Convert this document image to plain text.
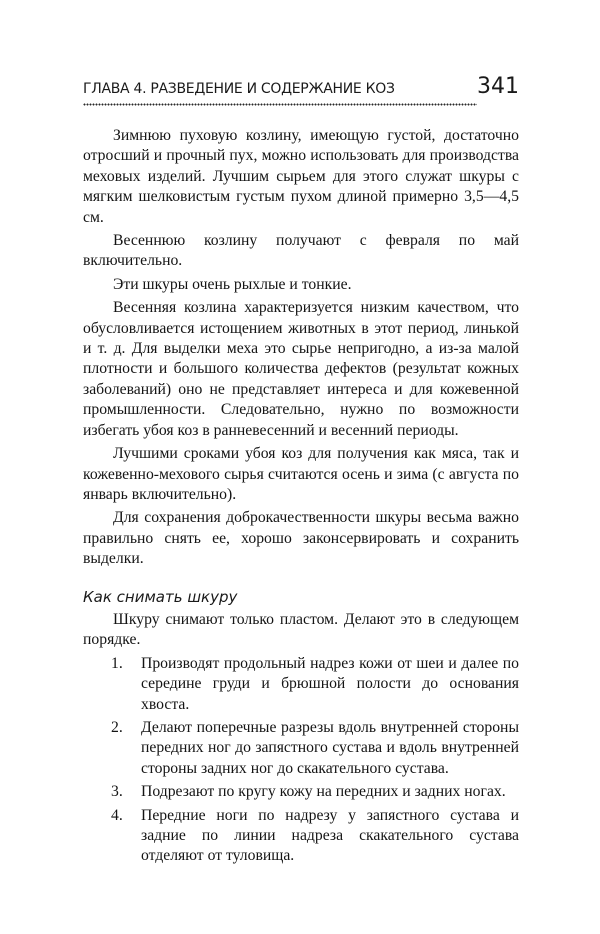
ГЛАВА 4. РАЗВЕДЕНИЕ И СОДЕРЖАНИЕ КОЗ	341

Зимнюю пуховую козлину, имеющую густой, достаточно отросший и прочный пух, можно использовать для производства меховых изделий. Лучшим сырьем для этого служат шкуры с мягким шелковистым густым пухом длиной примерно 3,5—4,5 см.

Весеннюю козлину получают с февраля по май включительно.

Эти шкуры очень рыхлые и тонкие.

Весенняя козлина характеризуется низким качеством, что обусловливается истощением животных в этот период, линькой и т. д. Для выделки меха это сырье непригодно, а из-за малой плотности и большого количества дефектов (результат кожных заболеваний) оно не представляет интереса и для кожевенной промышленности. Следовательно, нужно по возможности избегать убоя коз в ранневесенний и весенний периоды.

Лучшими сроками убоя коз для получения как мяса, так и кожевенно-мехового сырья считаются осень и зима (с августа по январь включительно).

Для сохранения доброкачественности шкуры весьма важно правильно снять ее, хорошо законсервировать и сохранить выделки.

Как снимать шкуру

Шкуру снимают только пластом. Делают это в следующем порядке.

1.	Производят продольный надрез кожи от шеи и далее по середине груди и брюшной полости до основания хвоста.
2.	Делают поперечные разрезы вдоль внутренней стороны передних ног до запястного сустава и вдоль внутренней стороны задних ног до скакательного сустава.
3.	Подрезают по кругу кожу на передних и задних ногах.
4.	Передние ноги по надрезу у запястного сустава и задние по линии надреза скакательного сустава отделяют от туловища.
